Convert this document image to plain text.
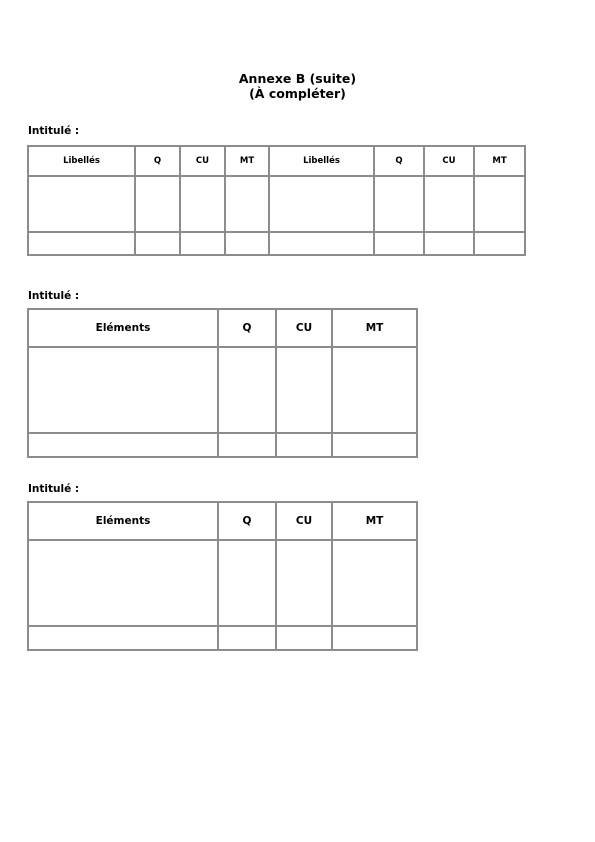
Annexe B (suite)
(À compléter)
Intitulé :
Libellés	Q	CU	MT	Libellés	Q	CU	MT

Intitulé :
Eléments	Q	CU	MT

Intitulé :
Eléments	Q	CU	MT
